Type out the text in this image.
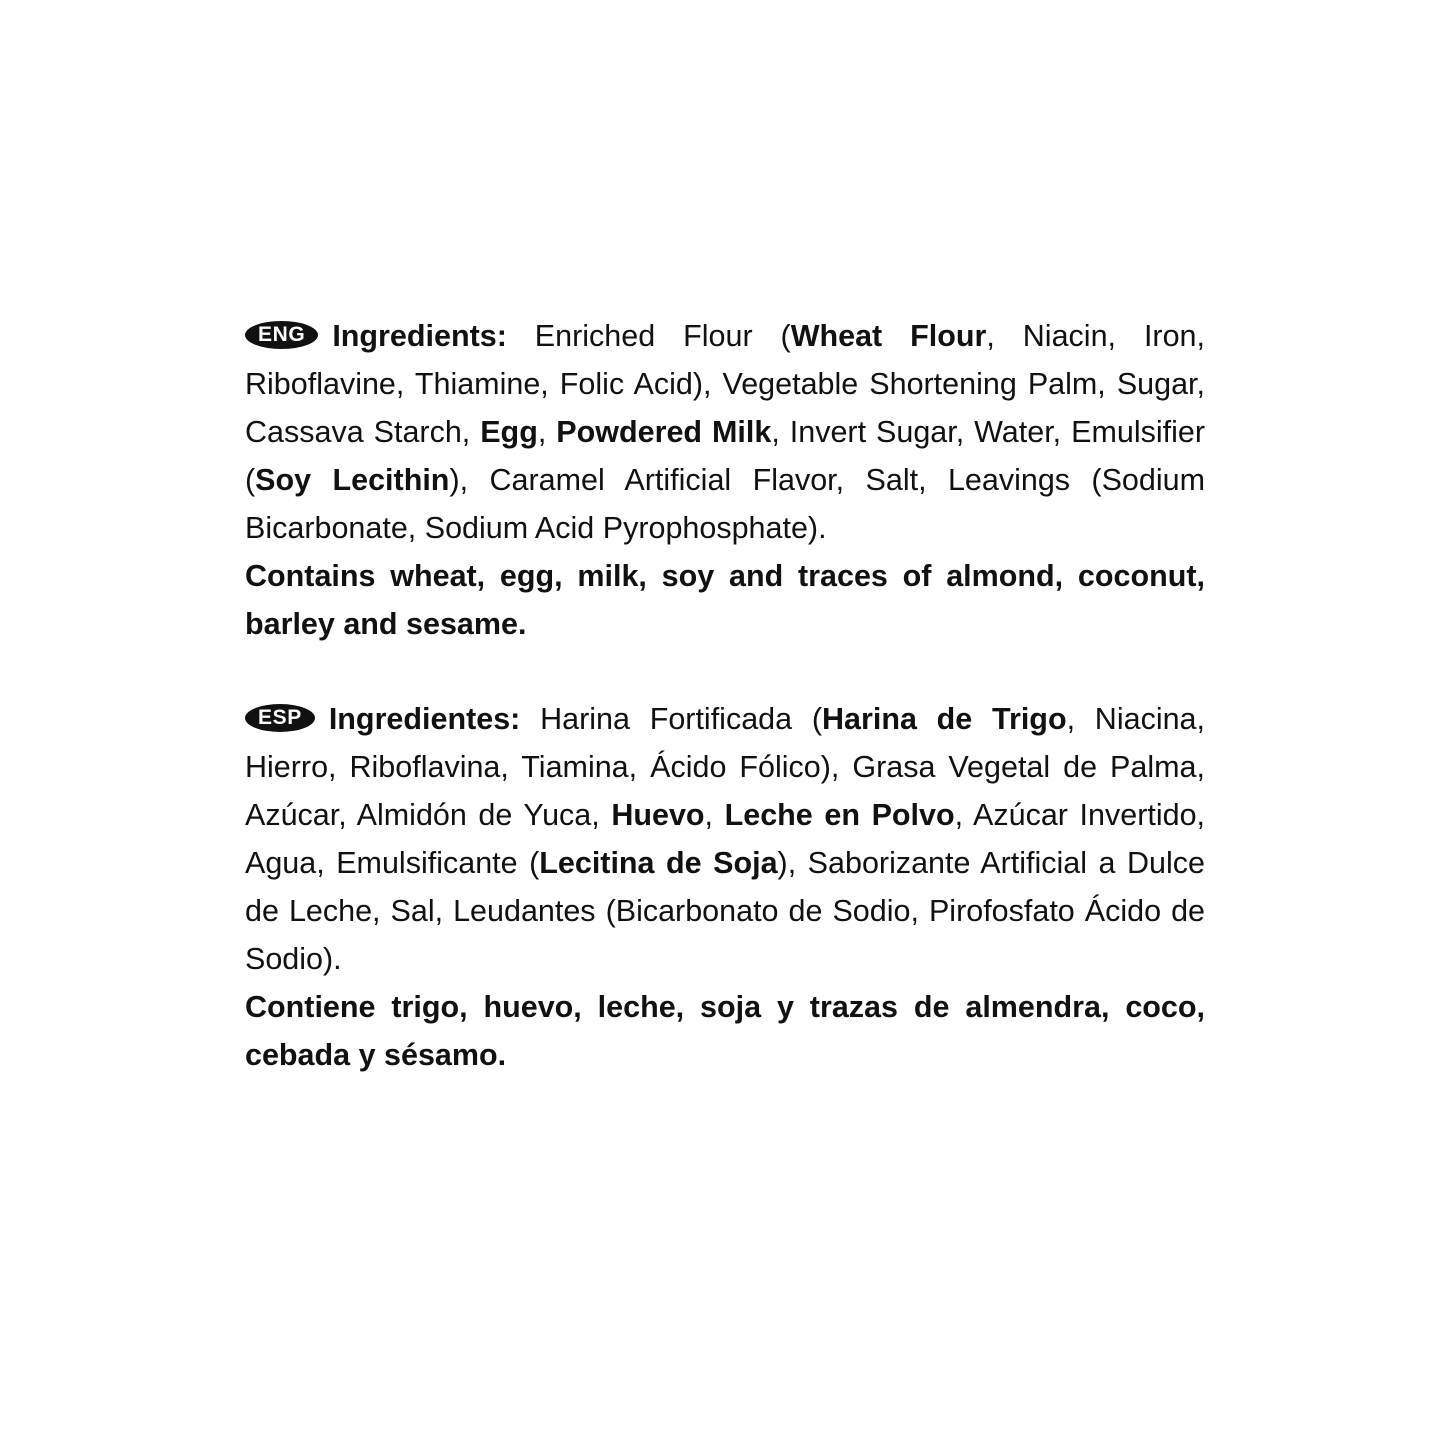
ENG Ingredients: Enriched Flour (Wheat Flour, Niacin, Iron, Riboflavine, Thiamine, Folic Acid), Vegetable Shortening Palm, Sugar, Cassava Starch, Egg, Powdered Milk, Invert Sugar, Water, Emulsifier (Soy Lecithin), Caramel Artificial Flavor, Salt, Leavings (Sodium Bicarbonate, Sodium Acid Pyrophosphate).
Contains wheat, egg, milk, soy and traces of almond, coconut, barley and sesame.
ESP Ingredientes: Harina Fortificada (Harina de Trigo, Niacina, Hierro, Riboflavina, Tiamina, Ácido Fólico), Grasa Vegetal de Palma, Azúcar, Almidón de Yuca, Huevo, Leche en Polvo, Azúcar Invertido, Agua, Emulsificante (Lecitina de Soja), Saborizante Artificial a Dulce de Leche, Sal, Leudantes (Bicarbonato de Sodio, Pirofosfato Ácido de Sodio).
Contiene trigo, huevo, leche, soja y trazas de almendra, coco, cebada y sésamo.
